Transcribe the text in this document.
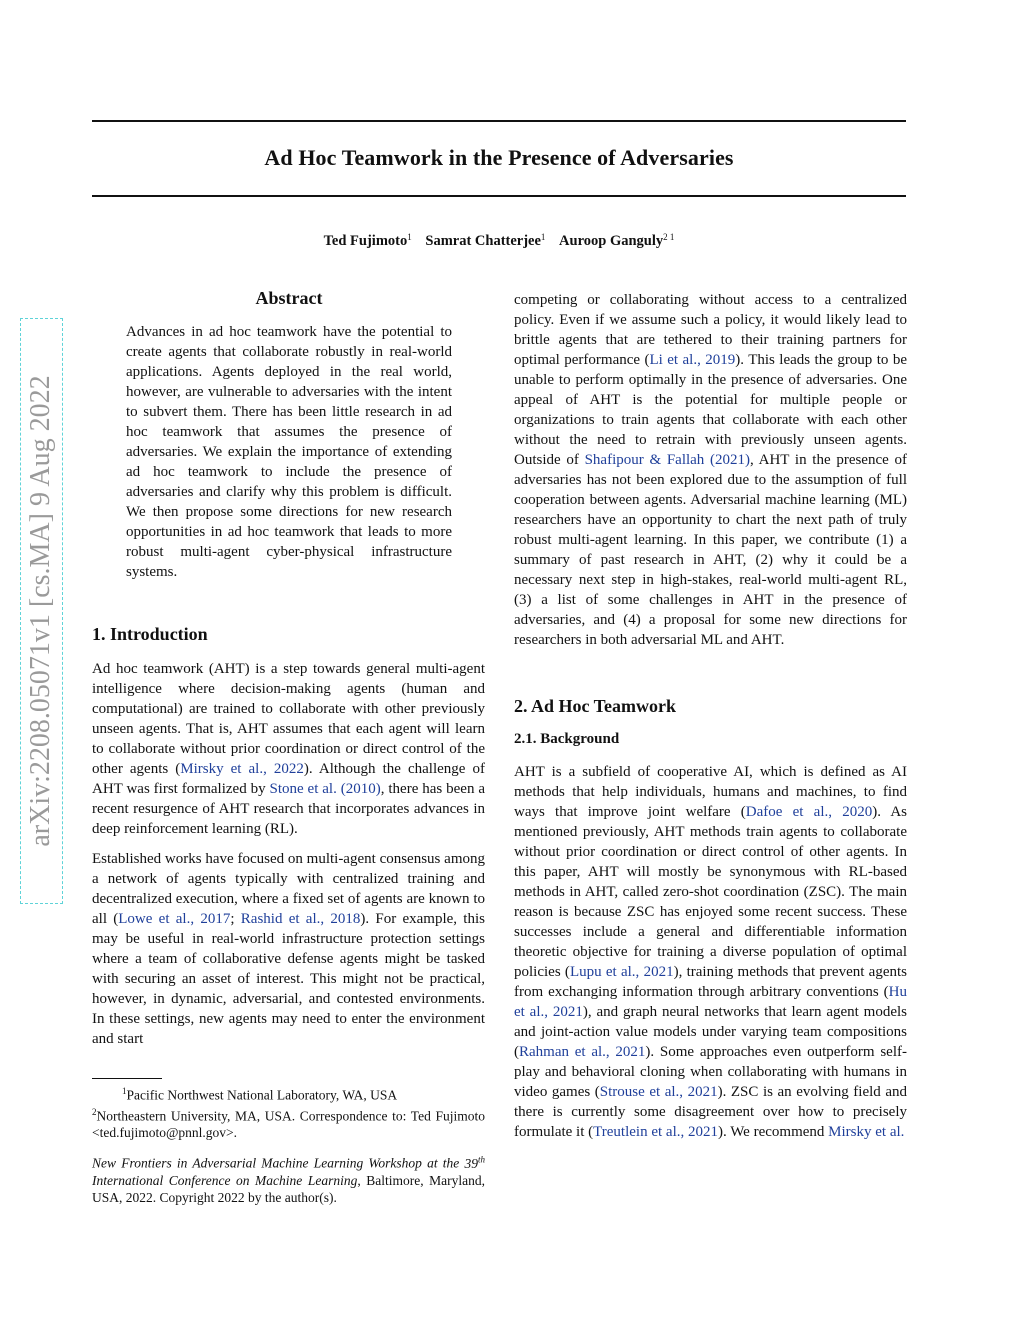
Ad Hoc Teamwork in the Presence of Adversaries
Ted Fujimoto$^1$ Samrat Chatterjee$^1$ Auroop Ganguly$^{2 1}$
arXiv:2208.05071v1 [cs.MA] 9 Aug 2022
Abstract
Advances in ad hoc teamwork have the potential to create agents that collaborate robustly in real-world applications. Agents deployed in the real world, however, are vulnerable to adversaries with the intent to subvert them. There has been little research in ad hoc teamwork that assumes the presence of adversaries. We explain the importance of extending ad hoc teamwork to include the presence of adversaries and clarify why this problem is difficult. We then propose some directions for new research opportunities in ad hoc teamwork that leads to more robust multi-agent cyber-physical infrastructure systems.
1. Introduction

Ad hoc teamwork (AHT) is a step towards general multi-agent intelligence where decision-making agents (human and computational) are trained to collaborate with other previously unseen agents. That is, AHT assumes that each agent will learn to collaborate without prior coordination or direct control of the other agents (Mirsky et al., 2022). Although the challenge of AHT was first formalized by Stone et al. (2010), there has been a recent resurgence of AHT research that incorporates advances in deep reinforcement learning (RL).

Established works have focused on multi-agent consensus among a network of agents typically with centralized training and decentralized execution, where a fixed set of agents are known to all (Lowe et al., 2017; Rashid et al., 2018). For example, this may be useful in real-world infrastructure protection settings where a team of collaborative defense agents might be tasked with securing an asset of interest. This might not be practical, however, in dynamic, adversarial, and contested environments. In these settings, new agents may need to enter the environment and start

$^1$Pacific Northwest National Laboratory, WA, USA
$^2$Northeastern University, MA, USA. Correspondence to: Ted Fujimoto <ted.fujimoto@pnnl.gov>.
New Frontiers in Adversarial Machine Learning Workshop at the 39th International Conference on Machine Learning, Baltimore, Maryland, USA, 2022. Copyright 2022 by the author(s).

competing or collaborating without access to a centralized policy. Even if we assume such a policy, it would likely lead to brittle agents that are tethered to their training partners for optimal performance (Li et al., 2019). This leads the group to be unable to perform optimally in the presence of adversaries. One appeal of AHT is the potential for multiple people or organizations to train agents that collaborate with each other without the need to retrain with previously unseen agents. Outside of Shafipour & Fallah (2021), AHT in the presence of adversaries has not been explored due to the assumption of full cooperation between agents. Adversarial machine learning (ML) researchers have an opportunity to chart the next path of truly robust multi-agent learning. In this paper, we contribute (1) a summary of past research in AHT, (2) why it could be a necessary next step in high-stakes, real-world multi-agent RL, (3) a list of some challenges in AHT in the presence of adversaries, and (4) a proposal for some new directions for researchers in both adversarial ML and AHT.

2. Ad Hoc Teamwork
2.1. Background

AHT is a subfield of cooperative AI, which is defined as AI methods that help individuals, humans and machines, to find ways that improve joint welfare (Dafoe et al., 2020). As mentioned previously, AHT methods train agents to collaborate without prior coordination or direct control of other agents. In this paper, AHT will mostly be synonymous with RL-based methods in AHT, called zero-shot coordination (ZSC). The main reason is because ZSC has enjoyed some recent success. These successes include a general and differentiable information theoretic objective for training a diverse population of optimal policies (Lupu et al., 2021), training methods that prevent agents from exchanging information through arbitrary conventions (Hu et al., 2021), and graph neural networks that learn agent models and joint-action value models under varying team compositions (Rahman et al., 2021). Some approaches even outperform self-play and behavioral cloning when collaborating with humans in video games (Strouse et al., 2021). ZSC is an evolving field and there is currently some disagreement over how to precisely formulate it (Treutlein et al., 2021). We recommend Mirsky et al.
